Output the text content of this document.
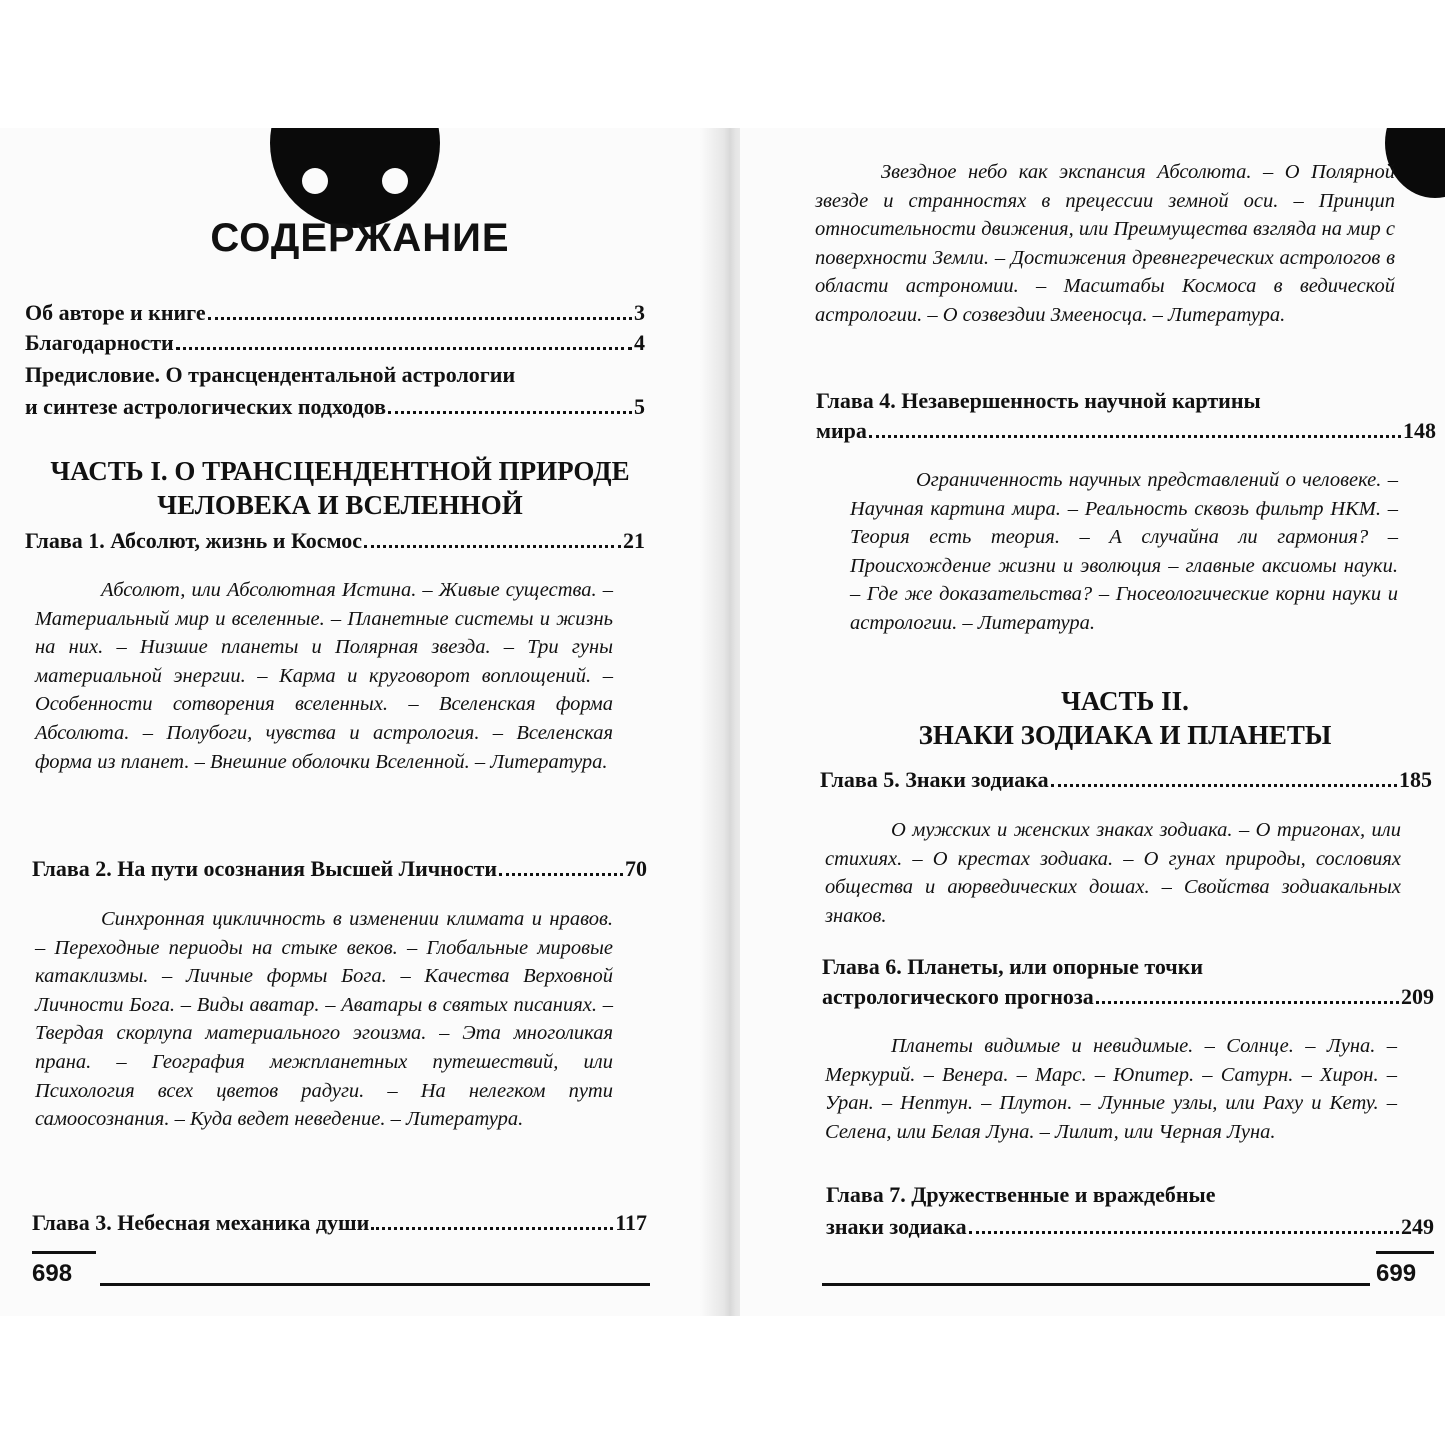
СОДЕРЖАНИЕ
Об авторе и книге	3
Благодарности	4
Предисловие. О трансцендентальной астрологии
и синтезе астрологических подходов	5
ЧАСТЬ I. О ТРАНСЦЕНДЕНТНОЙ ПРИРОДЕ
ЧЕЛОВЕКА И ВСЕЛЕННОЙ
Глава 1. Абсолют, жизнь и Космос	21
Абсолют, или Абсолютная Истина. – Живые существа. – Материальный мир и вселенные. – Планетные системы и жизнь на них. – Низшие планеты и Полярная звезда. – Три гуны материальной энергии. – Карма и круговорот воплощений. – Особенности сотворения вселенных. – Вселенская форма Абсолюта. – Полубоги, чувства и астрология. – Вселенская форма из планет. – Внешние оболочки Вселенной. – Литература.
Глава 2. На пути осознания Высшей Личности	70
Синхронная цикличность в изменении климата и нравов. – Переходные периоды на стыке веков. – Глобальные мировые катаклизмы. – Личные формы Бога. – Качества Верховной Личности Бога. – Виды аватар. – Аватары в святых писаниях. – Твердая скорлупа материального эгоизма. – Эта многоликая прана. – География межпланетных путешествий, или Психология всех цветов радуги. – На нелегком пути самоосознания. – Куда ведет неведение. – Литература.
Глава 3. Небесная механика души	117
698
Звездное небо как экспансия Абсолюта. – О Полярной звезде и странностях в прецессии земной оси. – Принцип относительности движения, или Преимущества взгляда на мир с поверхности Земли. – Достижения древнегреческих астрологов в области астрономии. – Масштабы Космоса в ведической астрологии. – О созвездии Змееносца. – Литература.
Глава 4. Незавершенность научной картины
мира	148
Ограниченность научных представлений о человеке. – Научная картина мира. – Реальность сквозь фильтр НКМ. – Теория есть теория. – А случайна ли гармония? – Происхождение жизни и эволюция – главные аксиомы науки. – Где же доказательства? – Гносеологические корни науки и астрологии. – Литература.
ЧАСТЬ II.
ЗНАКИ ЗОДИАКА И ПЛАНЕТЫ
Глава 5. Знаки зодиака	185
О мужских и женских знаках зодиака. – О тригонах, или стихиях. – О крестах зодиака. – О гунах природы, сословиях общества и аюрведических дошах. – Свойства зодиакальных знаков.
Глава 6. Планеты, или опорные точки
астрологического прогноза	209
Планеты видимые и невидимые. – Солнце. – Луна. – Меркурий. – Венера. – Марс. – Юпитер. – Сатурн. – Хирон. – Уран. – Нептун. – Плутон. – Лунные узлы, или Раху и Кету. – Селена, или Белая Луна. – Лилит, или Черная Луна.
Глава 7. Дружественные и враждебные
знаки зодиака	249
699
